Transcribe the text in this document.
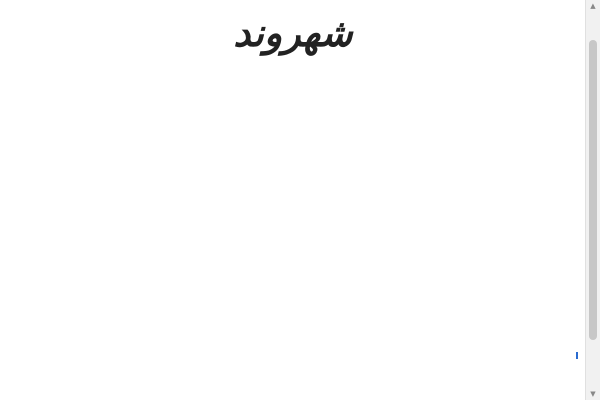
شهروند
▲
▼
